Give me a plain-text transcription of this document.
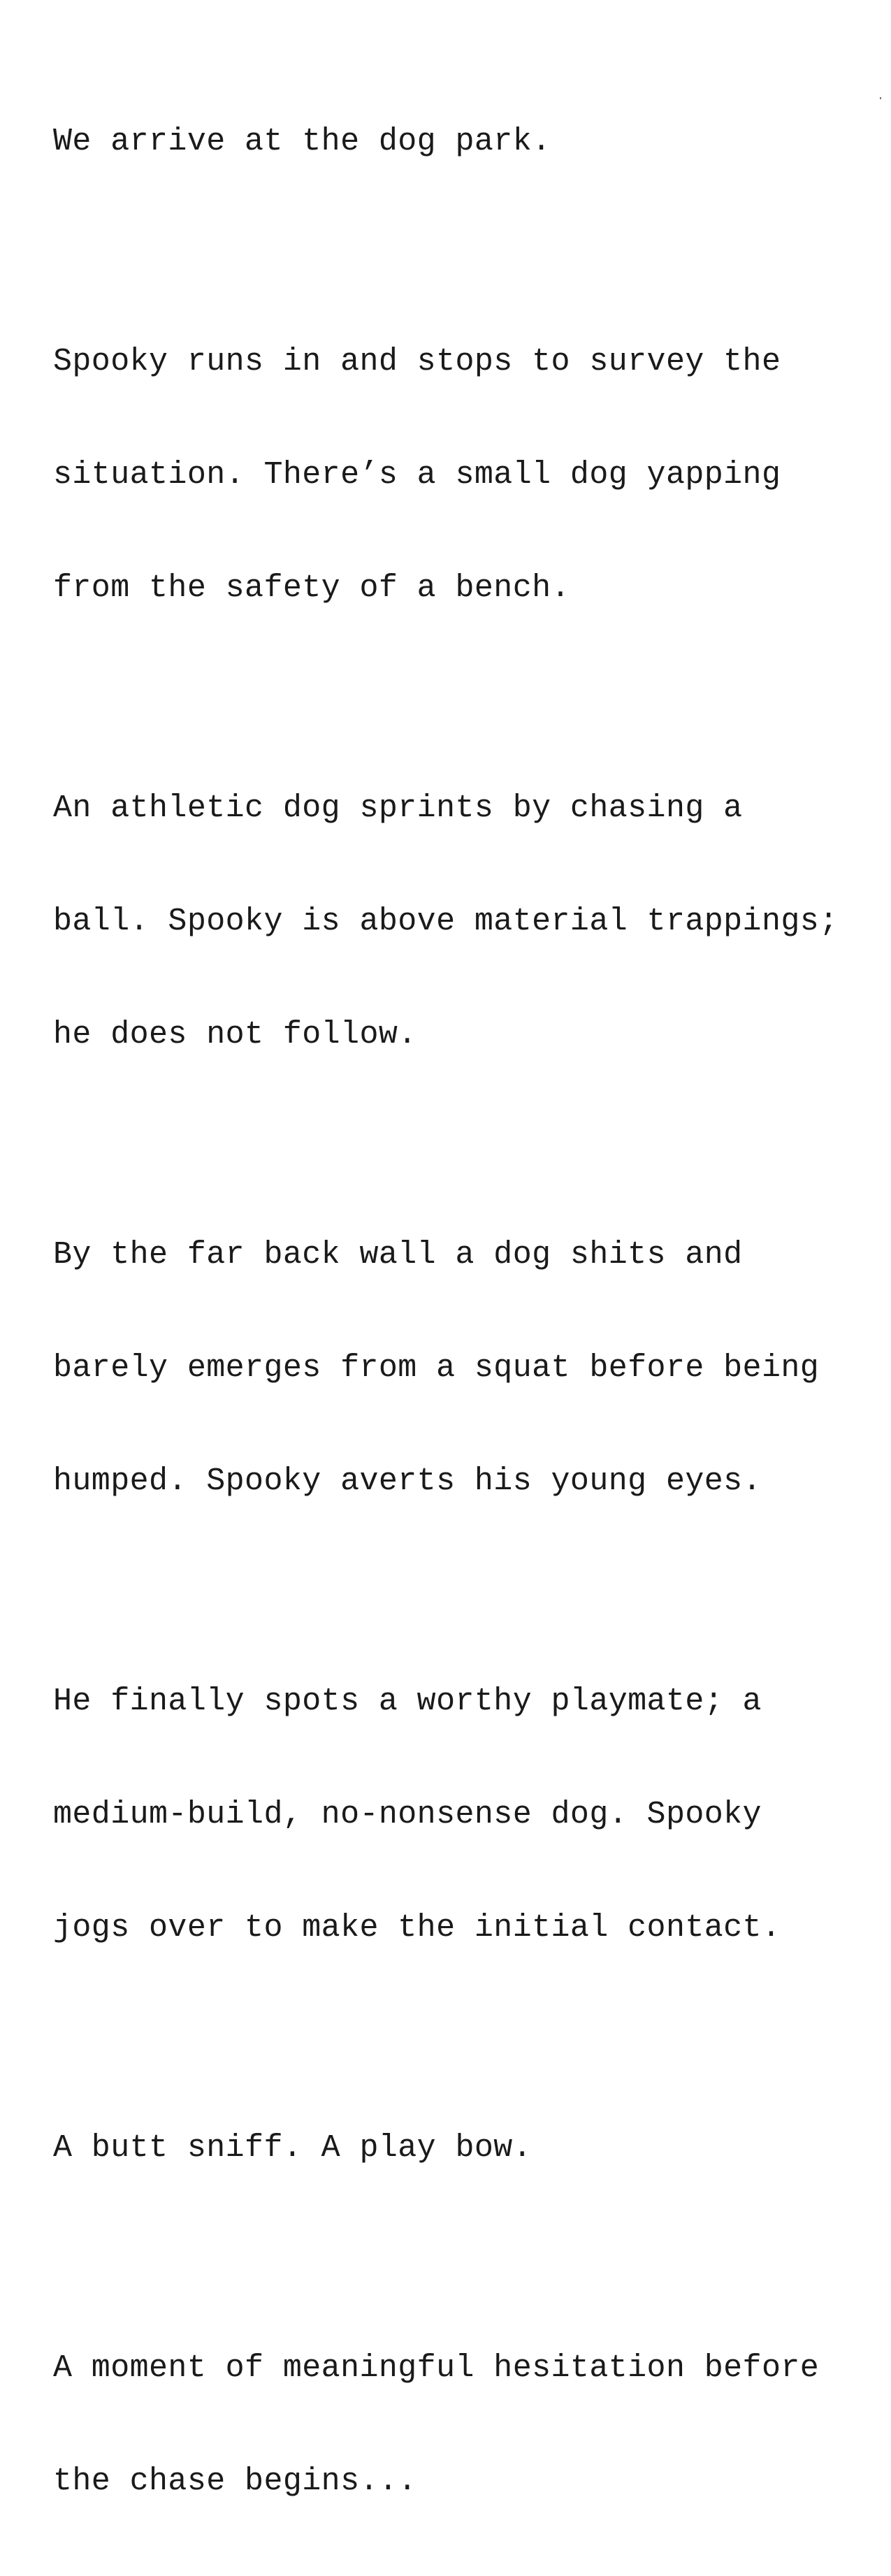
We arrive at the dog park.

Spooky runs in and stops to survey the

situation. There’s a small dog yapping

from the safety of a bench.

An athletic dog sprints by chasing a

ball. Spooky is above material trappings;

he does not follow.

By the far back wall a dog shits and

barely emerges from a squat before being

humped. Spooky averts his young eyes.

He finally spots a worthy playmate; a

medium-build, no-nonsense dog. Spooky

jogs over to make the initial contact.

A butt sniff. A play bow.

A moment of meaningful hesitation before

the chase begins...
